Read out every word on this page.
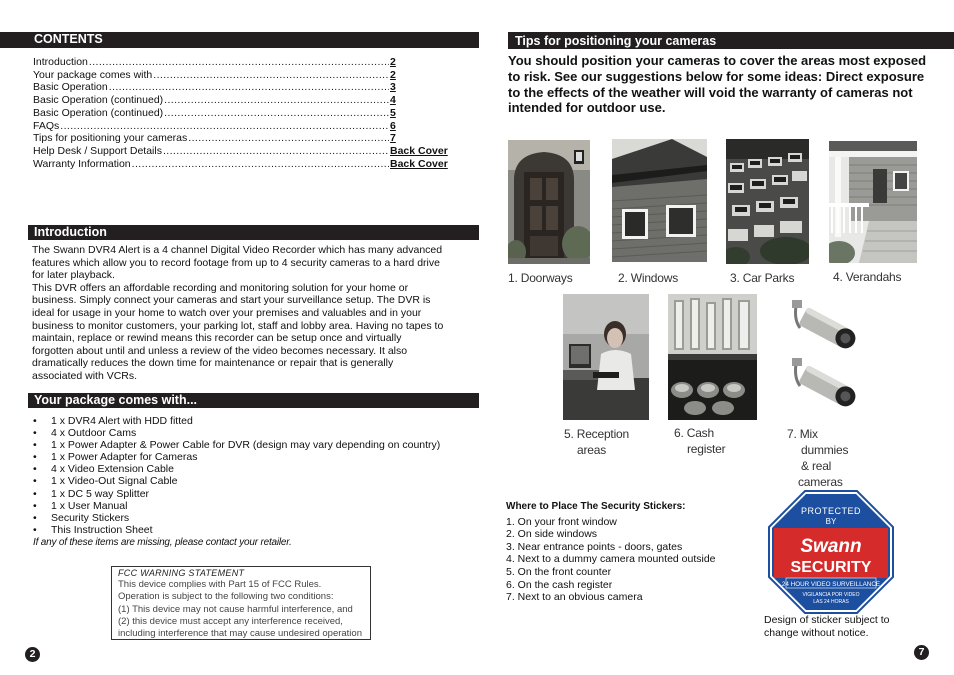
CONTENTS
Introduction .....	2
Your package comes with .....	2
Basic Operation .....	3
Basic Operation (continued) .....	4
Basic Operation (continued) .....	5
FAQs .....	6
Tips for positioning your cameras .....	7
Help Desk / Support Details .....	Back Cover
Warranty Information .....	Back Cover
Introduction

The Swann DVR4 Alert is a 4 channel Digital Video Recorder which has many advanced features which allow you to record footage from up to 4 security cameras to a hard drive for later playback.

This DVR offers an affordable recording and monitoring solution for your home or business. Simply connect your cameras and start your surveillance setup. The DVR is ideal for usage in your home to watch over your premises and valuables and in your business to monitor customers, your parking lot, staff and lobby area. Having no tapes to maintain, replace or rewind means this recorder can be setup once and virtually forgotten about until and unless a review of the video becomes necessary. It also dramatically reduces the down time for maintenance or repair that is generally associated with VCRs.

Your package comes with...
•	1 x DVR4 Alert with HDD fitted
•	4 x Outdoor Cams
•	1 x Power Adapter & Power Cable for DVR (design may vary depending on country)
•	1 x Power Adapter for Cameras
•	4 x Video Extension Cable
•	1 x Video-Out Signal Cable
•	1 x DC 5 way Splitter
•	1 x User Manual
•	Security Stickers
•	This Instruction Sheet
If any of these items are missing, please contact your retailer.
FCC WARNING STATEMENT
This device complies with Part 15 of FCC Rules.
Operation is subject to the following two conditions:
(1) This device may not cause harmful interference, and
(2) this device must accept any interference received,
including interference that may cause undesired operation
2
Tips for positioning your cameras
You should position your cameras to cover the areas most exposed to risk. See our suggestions below for some ideas: Direct exposure to the effects of the weather will void the warranty of cameras not intended for outdoor use.
1. Doorways	2. Windows	3. Car Parks	4. Verandahs
5. Reception
areas
6. Cash
register
7. Mix
dummies
& real
cameras
Where to Place The Security Stickers:
1. On your front window
2. On side windows
3. Near entrance points - doors, gates
4. Next to a dummy camera mounted outside
5. On the front counter
6. On the cash register
7. Next to an obvious camera
PROTECTED
BY
Swann
SECURITY
24 HOUR VIDEO SURVEILLANCE
VIGILANCIA POR VIDEO
LAS 24 HORAS
Design of sticker subject to change without notice.
7
